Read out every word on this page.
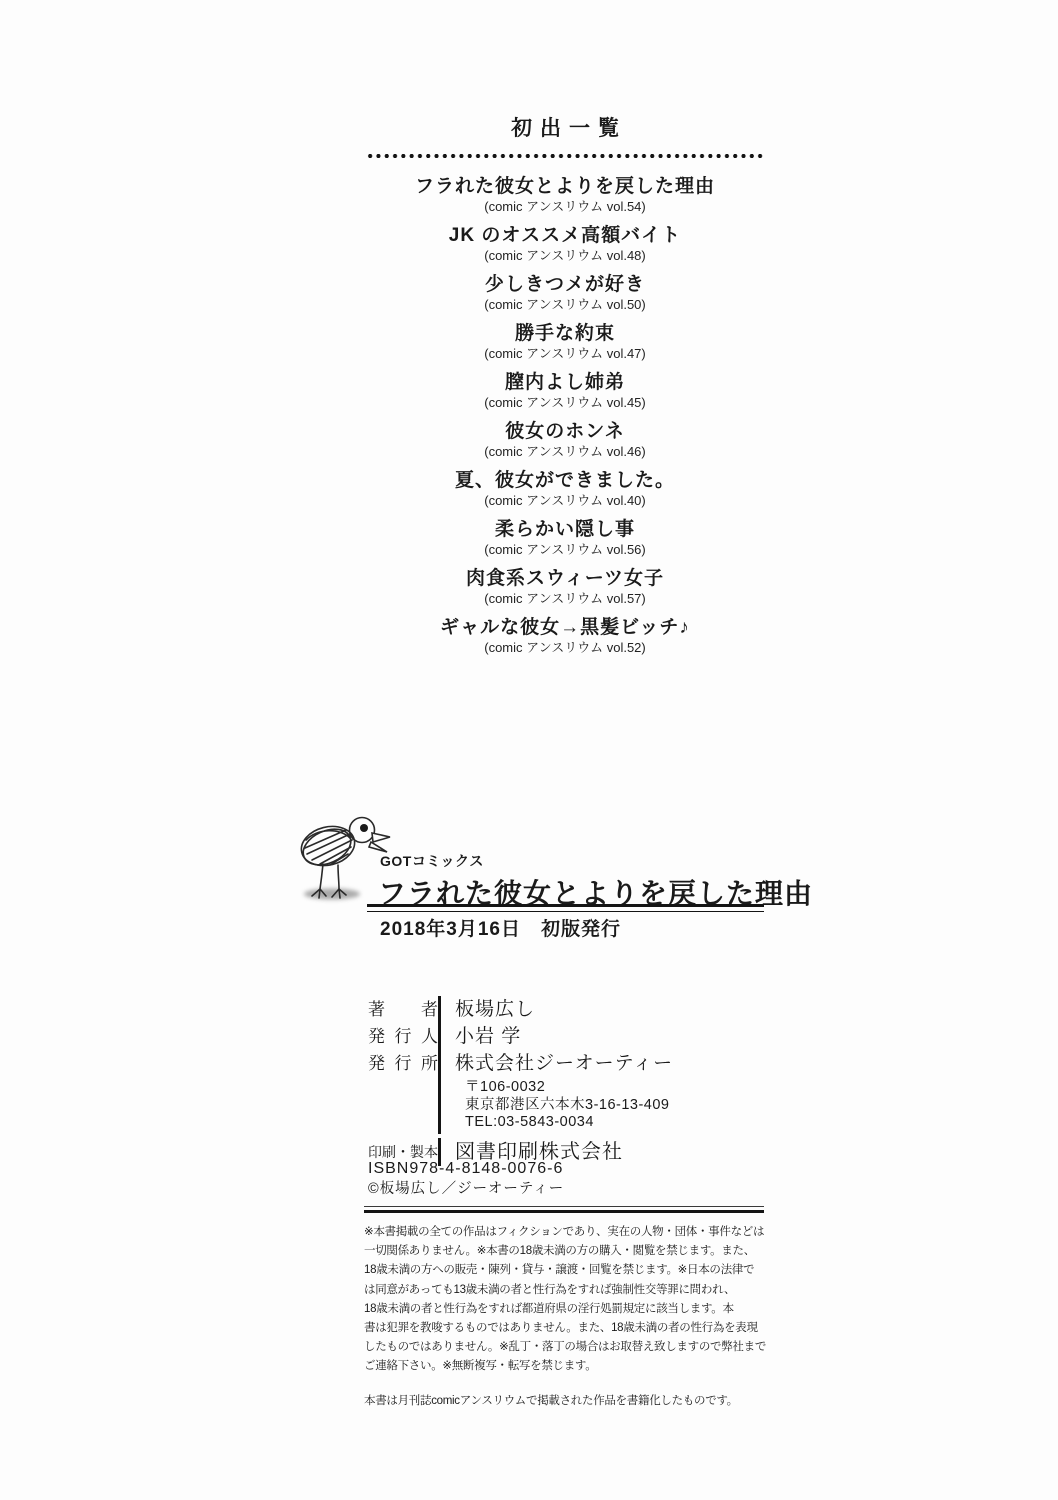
初出一覧
フラれた彼女とよりを戻した理由
(comic アンスリウム vol.54)
JK のオススメ高額バイト
(comic アンスリウム vol.48)
少しきつメが好き
(comic アンスリウム vol.50)
勝手な約束
(comic アンスリウム vol.47)
膣内よし姉弟
(comic アンスリウム vol.45)
彼女のホンネ
(comic アンスリウム vol.46)
夏、彼女ができました。
(comic アンスリウム vol.40)
柔らかい隠し事
(comic アンスリウム vol.56)
肉食系スウィーツ女子
(comic アンスリウム vol.57)
ギャルな彼女→黒髪ビッチ♪
(comic アンスリウム vol.52)
GOTコミックス
フラれた彼女とよりを戻した理由
2018年3月16日　初版発行
著 者 板場広し
発 行 人 小岩 学
発 行 所 株式会社ジーオーティー
〒106-0032
東京都港区六本木3-16-13-409
TEL:03-5843-0034
印刷・製本 図書印刷株式会社
ISBN978-4-8148-0076-6
©板場広し／ジーオーティー
※本書掲載の全ての作品はフィクションであり、実在の人物・団体・事件などは
一切関係ありません。※本書の18歳未満の方の購入・閲覧を禁じます。また、
18歳未満の方への販売・陳列・貸与・譲渡・回覧を禁じます。※日本の法律で
は同意があっても13歳未満の者と性行為をすれば強制性交等罪に問われ、
18歳未満の者と性行為をすれば都道府県の淫行処罰規定に該当します。本
書は犯罪を教唆するものではありません。また、18歳未満の者の性行為を表現
したものではありません。※乱丁・落丁の場合はお取替え致しますので弊社まで
ご連絡下さい。※無断複写・転写を禁じます。
本書は月刊誌comicアンスリウムで掲載された作品を書籍化したものです。
